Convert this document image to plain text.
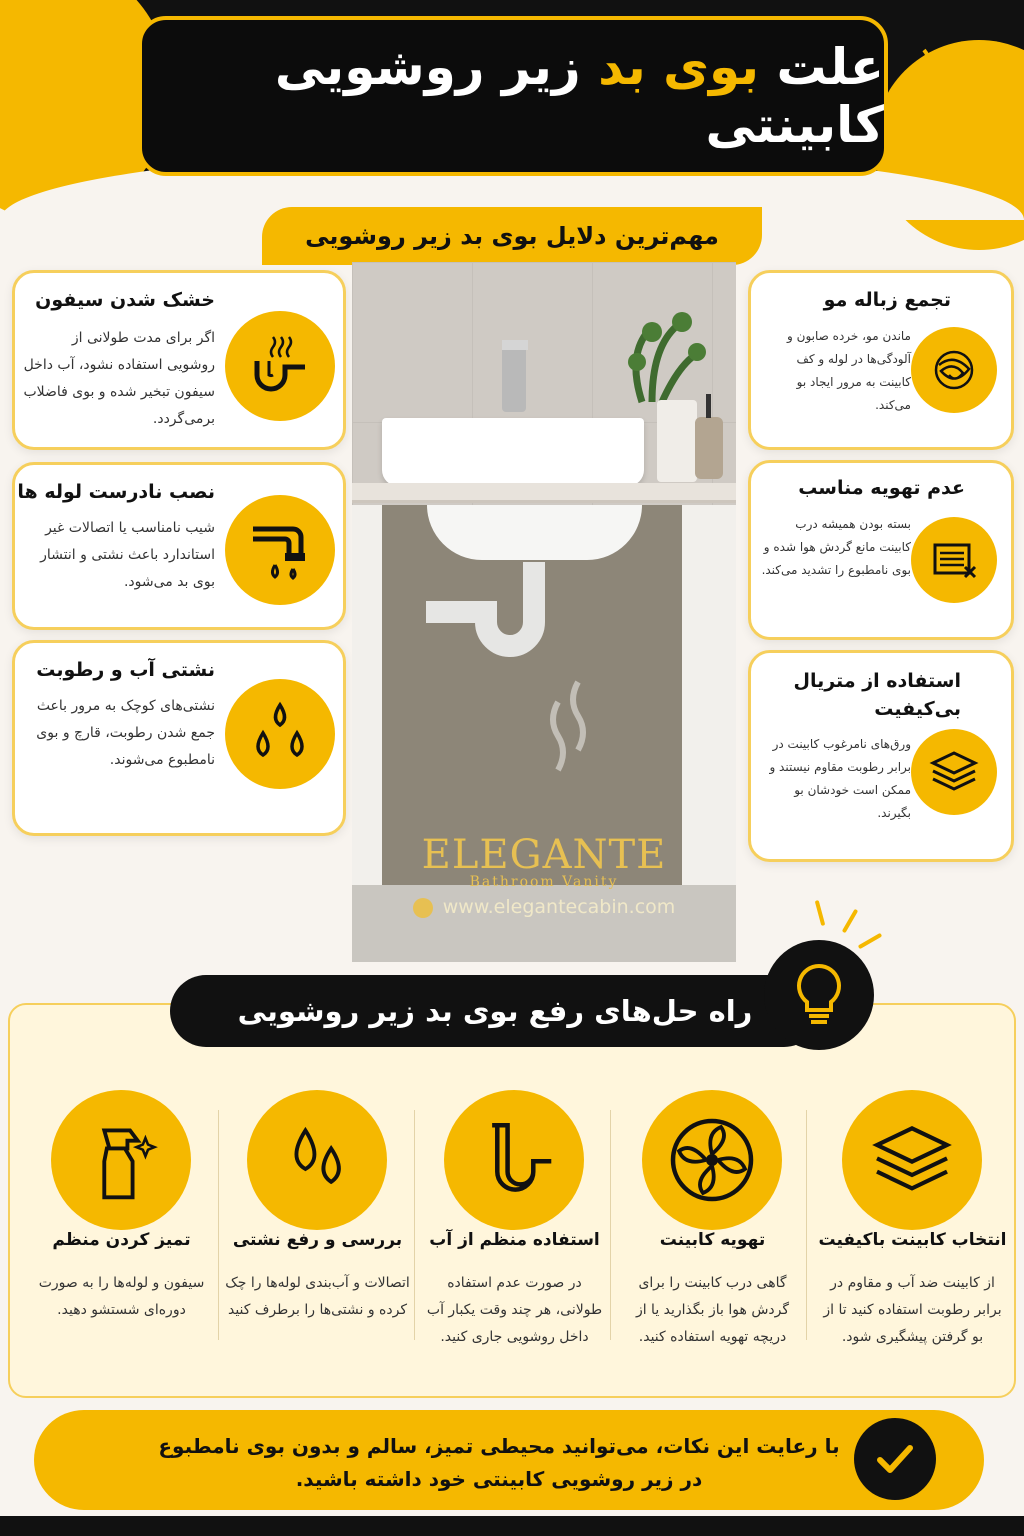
علت بوی بد زیر روشویی کابینتی
مهم‌ترین دلایل بوی بد زیر روشویی
خشک شدن سیفون

اگر برای مدت طولانی از روشویی استفاده نشود، آب داخل سیفون تبخیر شده و بوی فاضلاب برمی‌گردد.

نصب نادرست لوله ها

شیب نامناسب یا اتصالات غیر استاندارد باعث نشتی و انتشار بوی بد می‌شود.

نشتی آب و رطوبت

نشتی‌های کوچک به مرور باعث جمع شدن رطوبت، قارچ و بوی نامطبوع می‌شوند.

تجمع زباله مو

ماندن مو، خرده صابون و آلودگی‌ها در لوله و کف کابینت به مرور ایجاد بو می‌کند.

عدم تهویه مناسب

بسته بودن همیشه درب کابینت مانع گردش هوا شده و بوی نامطبوع را تشدید می‌کند.

استفاده از متریال بی‌کیفیت

ورق‌های نامرغوب کابینت در برابر رطوبت مقاوم نیستند و ممکن است خودشان بو بگیرند.

ELEGANTE
Bathroom Vanity
www.elegantecabin.com
راه حل‌های رفع بوی بد زیر روشویی
انتخاب کابینت باکیفیت

از کابینت ضد آب و مقاوم در برابر رطوبت استفاده کنید تا از بو گرفتن پیشگیری شود.

تهویه کابینت

گاهی درب کابینت را برای گردش هوا باز بگذارید یا از دریچه تهویه استفاده کنید.

استفاده منظم از آب

در صورت عدم استفاده طولانی، هر چند وقت یکبار آب داخل روشویی جاری کنید.

بررسی و رفع نشتی

اتصالات و آب‌بندی لوله‌ها را چک کرده و نشتی‌ها را برطرف کنید

تمیز کردن منظم

سیفون و لوله‌ها را به صورت دوره‌ای شستشو دهید.

با رعایت این نکات، می‌توانید محیطی تمیز، سالم و بدون بوی نامطبوع در زیر روشویی کابینتی خود داشته باشید.
